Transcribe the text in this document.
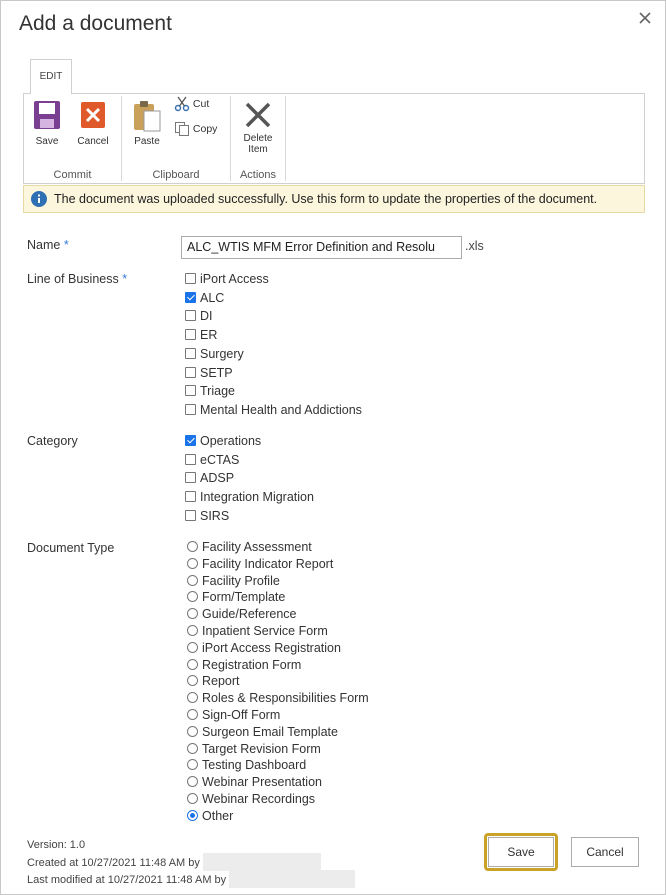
Add a document
EDIT
Save	Cancel
Commit
Paste
Cut
Copy
Clipboard
Delete
Item
Actions
The document was uploaded successfully. Use this form to update the properties of the document.
Name *	ALC_WTIS MFM Error Definition and Resolu	.xls
Line of Business *	iPort Access
ALC
DI
ER
Surgery
SETP
Triage
Mental Health and Addictions
Category	Operations
eCTAS
ADSP
Integration Migration
SIRS
Document Type	Facility Assessment
Facility Indicator Report
Facility Profile
Form/Template
Guide/Reference
Inpatient Service Form
iPort Access Registration
Registration Form
Report
Roles & Responsibilities Form
Sign-Off Form
Surgeon Email Template
Target Revision Form
Testing Dashboard
Webinar Presentation
Webinar Recordings
Other
Version: 1.0
Created at 10/27/2021 11:48 AM by
Last modified at 10/27/2021 11:48 AM by
Save	Cancel
